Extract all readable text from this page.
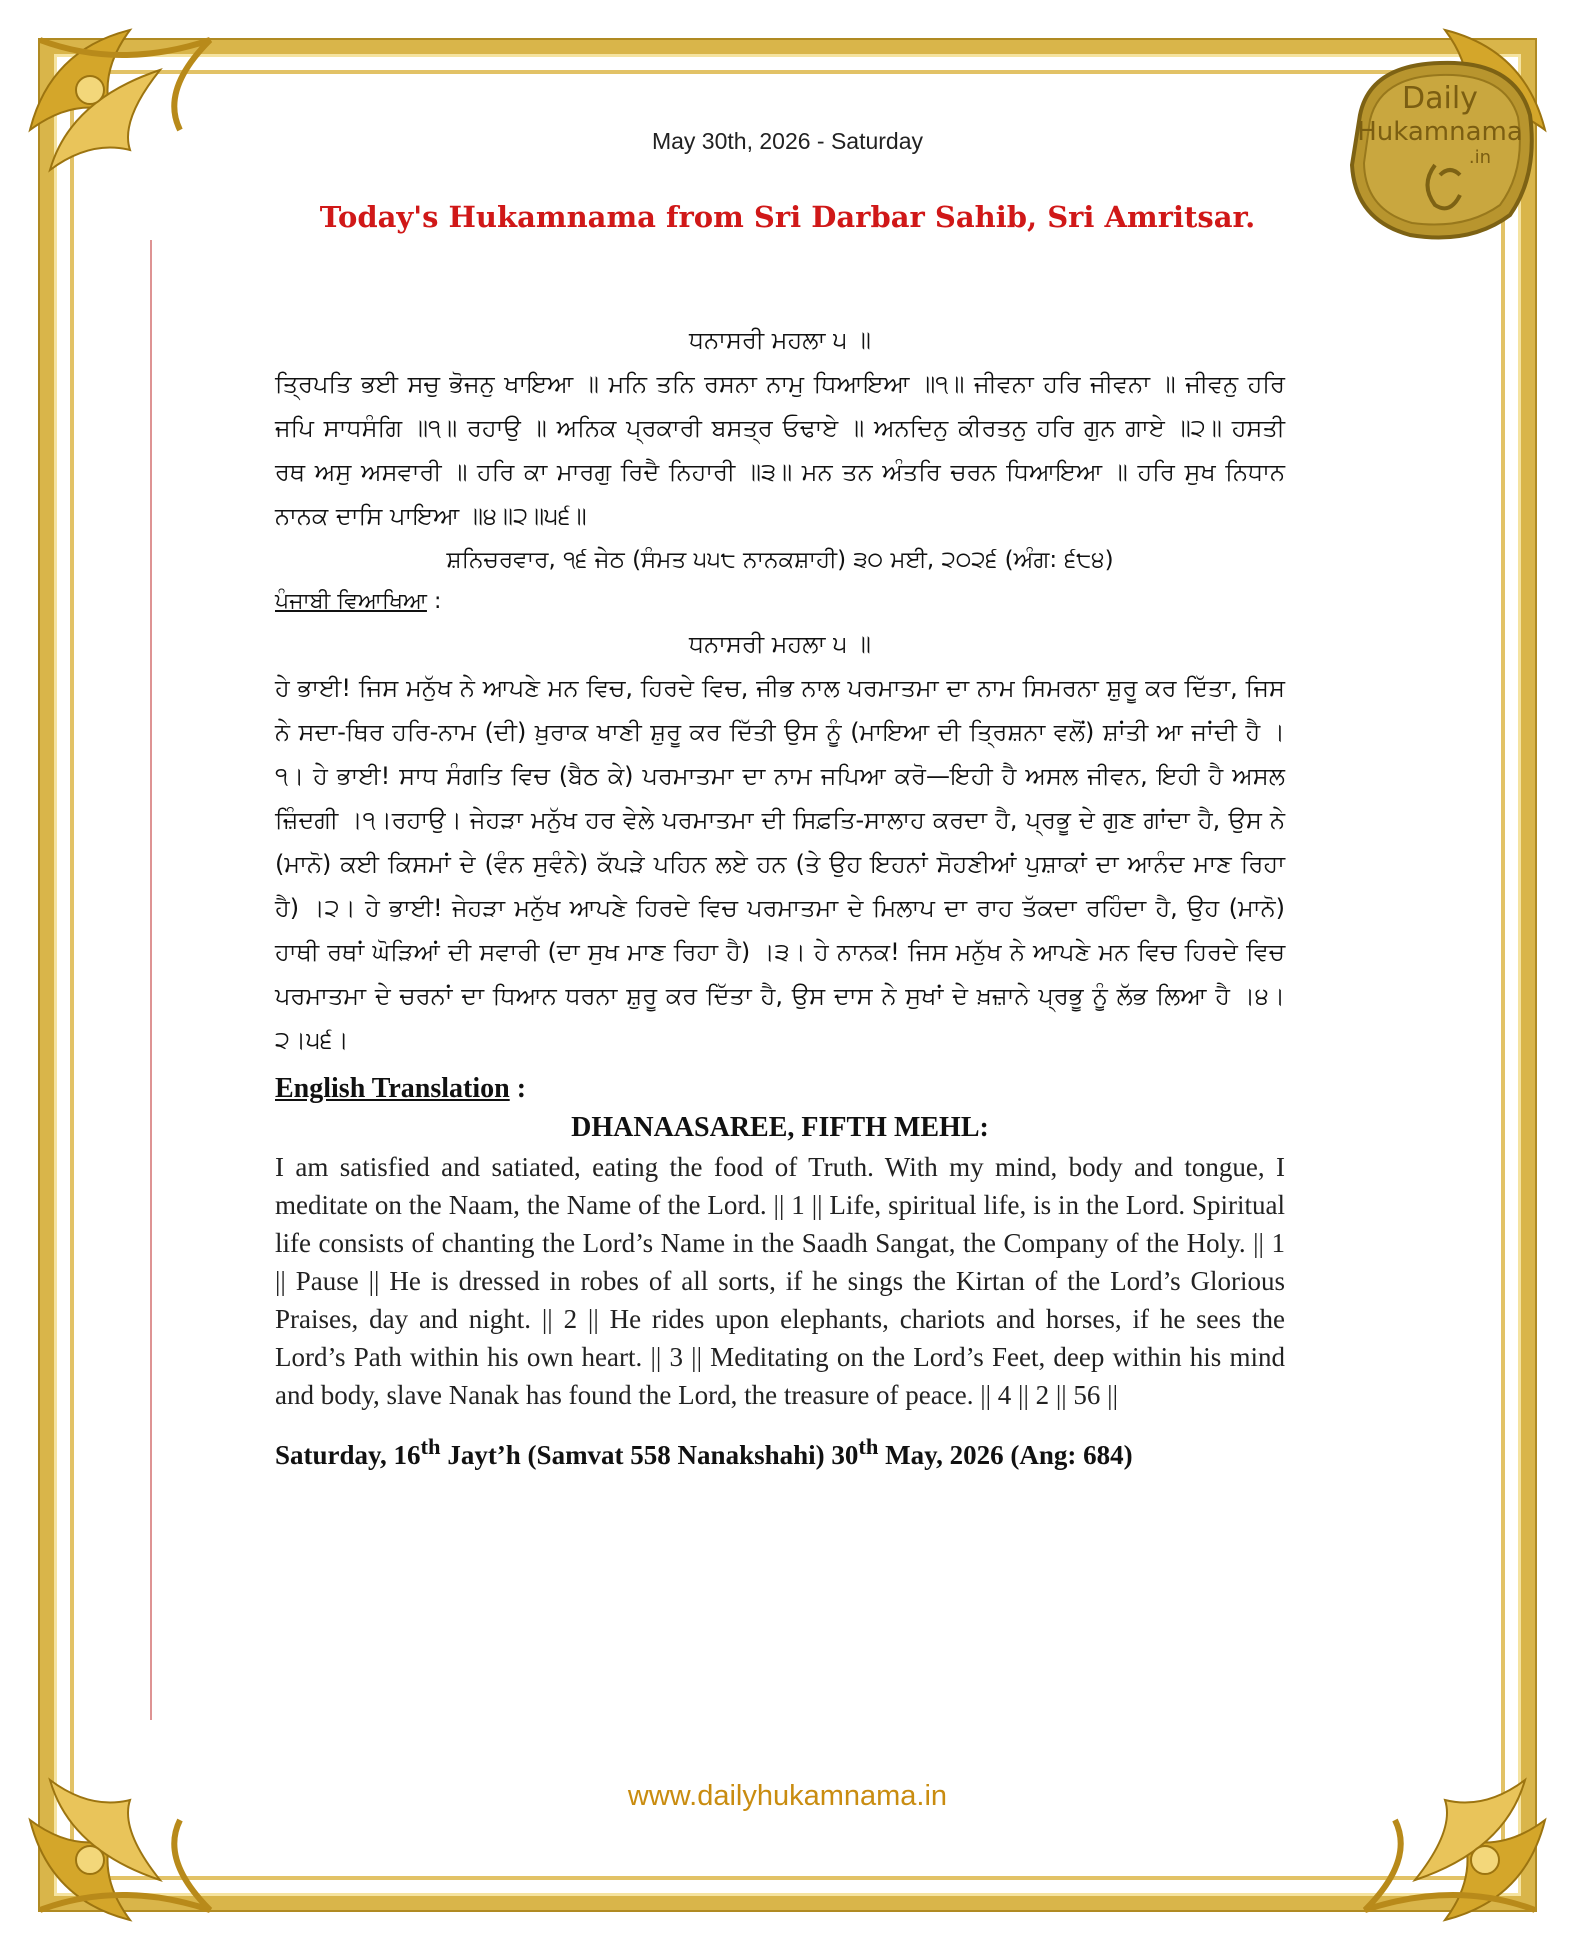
Daily
Hukamnama
.in
May 30th, 2026 - Saturday
Today's Hukamnama from Sri Darbar Sahib, Sri Amritsar.

ਧਨਾਸਰੀ ਮਹਲਾ ੫ ॥

ਤ੍ਰਿਪਤਿ ਭਈ ਸਚੁ ਭੋਜਨੁ ਖਾਇਆ ॥ ਮਨਿ ਤਨਿ ਰਸਨਾ ਨਾਮੁ ਧਿਆਇਆ ॥੧॥ ਜੀਵਨਾ ਹਰਿ ਜੀਵਨਾ ॥ ਜੀਵਨੁ ਹਰਿ ਜਪਿ ਸਾਧਸੰਗਿ ॥੧॥ ਰਹਾਉ ॥ ਅਨਿਕ ਪ੍ਰਕਾਰੀ ਬਸਤ੍ਰ ਓਢਾਏ ॥ ਅਨਦਿਨੁ ਕੀਰਤਨੁ ਹਰਿ ਗੁਨ ਗਾਏ ॥੨॥ ਹਸਤੀ ਰਥ ਅਸੁ ਅਸਵਾਰੀ ॥ ਹਰਿ ਕਾ ਮਾਰਗੁ ਰਿਦੈ ਨਿਹਾਰੀ ॥੩॥ ਮਨ ਤਨ ਅੰਤਰਿ ਚਰਨ ਧਿਆਇਆ ॥ ਹਰਿ ਸੁਖ ਨਿਧਾਨ ਨਾਨਕ ਦਾਸਿ ਪਾਇਆ ॥੪॥੨॥੫੬॥

ਸ਼ਨਿਚਰਵਾਰ, ੧੬ ਜੇਠ (ਸੰਮਤ ੫੫੮ ਨਾਨਕਸ਼ਾਹੀ) ੩੦ ਮਈ, ੨੦੨੬ (ਅੰਗ: ੬੮੪)

ਪੰਜਾਬੀ ਵਿਆਖਿਆ :

ਧਨਾਸਰੀ ਮਹਲਾ ੫ ॥

ਹੇ ਭਾਈ! ਜਿਸ ਮਨੁੱਖ ਨੇ ਆਪਣੇ ਮਨ ਵਿਚ, ਹਿਰਦੇ ਵਿਚ, ਜੀਭ ਨਾਲ ਪਰਮਾਤਮਾ ਦਾ ਨਾਮ ਸਿਮਰਨਾ ਸ਼ੁਰੂ ਕਰ ਦਿੱਤਾ, ਜਿਸ ਨੇ ਸਦਾ-ਥਿਰ ਹਰਿ-ਨਾਮ (ਦੀ) ਖ਼ੁਰਾਕ ਖਾਣੀ ਸ਼ੁਰੂ ਕਰ ਦਿੱਤੀ ਉਸ ਨੂੰ (ਮਾਇਆ ਦੀ ਤ੍ਰਿਸ਼ਨਾ ਵਲੋਂ) ਸ਼ਾਂਤੀ ਆ ਜਾਂਦੀ ਹੈ ।੧। ਹੇ ਭਾਈ! ਸਾਧ ਸੰਗਤਿ ਵਿਚ (ਬੈਠ ਕੇ) ਪਰਮਾਤਮਾ ਦਾ ਨਾਮ ਜਪਿਆ ਕਰੋ—ਇਹੀ ਹੈ ਅਸਲ ਜੀਵਨ, ਇਹੀ ਹੈ ਅਸਲ ਜ਼ਿੰਦਗੀ ।੧।ਰਹਾਉ। ਜੇਹੜਾ ਮਨੁੱਖ ਹਰ ਵੇਲੇ ਪਰਮਾਤਮਾ ਦੀ ਸਿਫ਼ਤਿ-ਸਾਲਾਹ ਕਰਦਾ ਹੈ, ਪ੍ਰਭੂ ਦੇ ਗੁਣ ਗਾਂਦਾ ਹੈ, ਉਸ ਨੇ (ਮਾਨੋ) ਕਈ ਕਿਸਮਾਂ ਦੇ (ਵੰਨ ਸੁਵੰਨੇ) ਕੱਪੜੇ ਪਹਿਨ ਲਏ ਹਨ (ਤੇ ਉਹ ਇਹਨਾਂ ਸੋਹਣੀਆਂ ਪੁਸ਼ਾਕਾਂ ਦਾ ਆਨੰਦ ਮਾਣ ਰਿਹਾ ਹੈ) ।੨। ਹੇ ਭਾਈ! ਜੇਹੜਾ ਮਨੁੱਖ ਆਪਣੇ ਹਿਰਦੇ ਵਿਚ ਪਰਮਾਤਮਾ ਦੇ ਮਿਲਾਪ ਦਾ ਰਾਹ ਤੱਕਦਾ ਰਹਿੰਦਾ ਹੈ, ਉਹ (ਮਾਨੋ) ਹਾਥੀ ਰਥਾਂ ਘੋੜਿਆਂ ਦੀ ਸਵਾਰੀ (ਦਾ ਸੁਖ ਮਾਣ ਰਿਹਾ ਹੈ) ।੩। ਹੇ ਨਾਨਕ! ਜਿਸ ਮਨੁੱਖ ਨੇ ਆਪਣੇ ਮਨ ਵਿਚ ਹਿਰਦੇ ਵਿਚ ਪਰਮਾਤਮਾ ਦੇ ਚਰਨਾਂ ਦਾ ਧਿਆਨ ਧਰਨਾ ਸ਼ੁਰੂ ਕਰ ਦਿੱਤਾ ਹੈ, ਉਸ ਦਾਸ ਨੇ ਸੁਖਾਂ ਦੇ ਖ਼ਜ਼ਾਨੇ ਪ੍ਰਭੂ ਨੂੰ ਲੱਭ ਲਿਆ ਹੈ ।੪।੨।੫੬।

English Translation :

DHANAASAREE, FIFTH MEHL:

I am satisfied and satiated, eating the food of Truth. With my mind, body and tongue, I meditate on the Naam, the Name of the Lord. || 1 || Life, spiritual life, is in the Lord. Spiritual life consists of chanting the Lord’s Name in the Saadh Sangat, the Company of the Holy. || 1 || Pause || He is dressed in robes of all sorts, if he sings the Kirtan of the Lord’s Glorious Praises, day and night. || 2 || He rides upon elephants, chariots and horses, if he sees the Lord’s Path within his own heart. || 3 || Meditating on the Lord’s Feet, deep within his mind and body, slave Nanak has found the Lord, the treasure of peace. || 4 || 2 || 56 ||

Saturday, 16th Jayt’h (Samvat 558 Nanakshahi) 30th May, 2026 (Ang: 684)

www.dailyhukamnama.in
